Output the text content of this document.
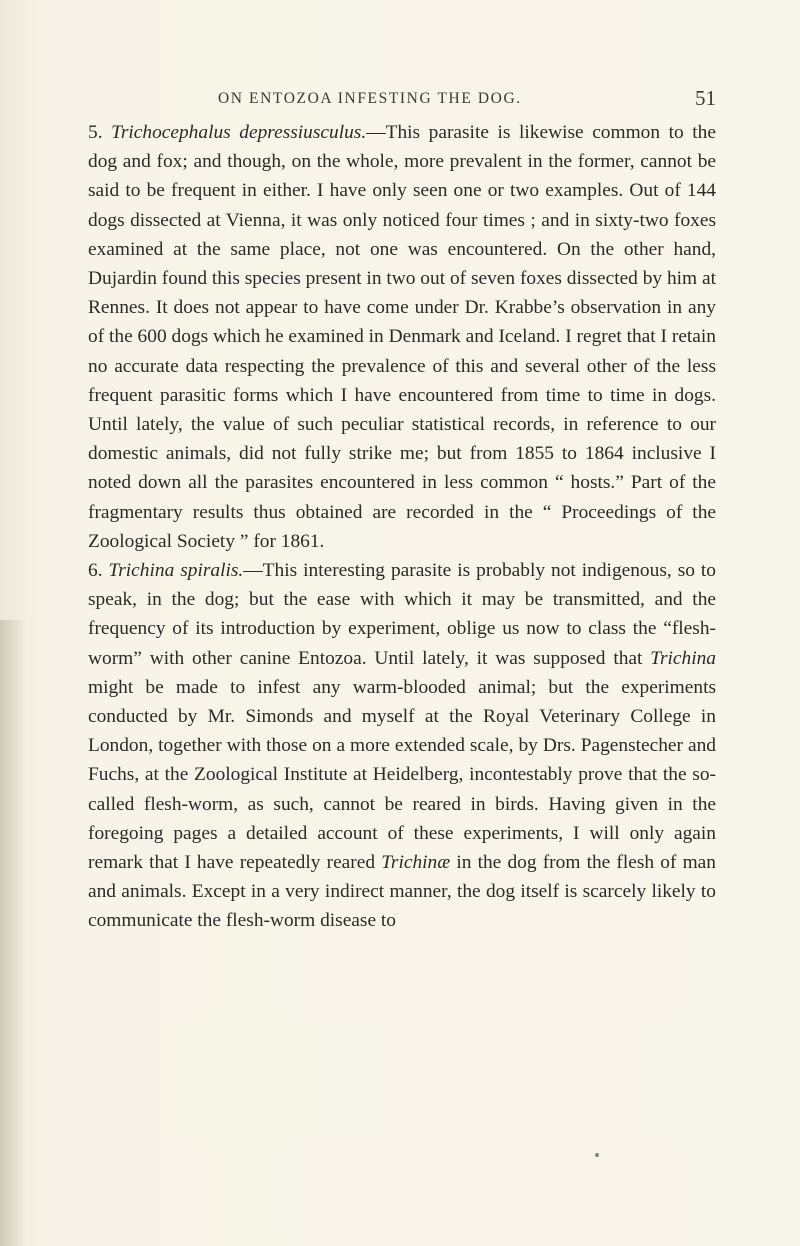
ON ENTOZOA INFESTING THE DOG.	51

5. Trichocephalus depressiusculus.—This parasite is likewise common to the dog and fox; and though, on the whole, more prevalent in the former, cannot be said to be frequent in either. I have only seen one or two examples. Out of 144 dogs dissected at Vienna, it was only noticed four times ; and in sixty-two foxes examined at the same place, not one was encountered. On the other hand, Dujardin found this species present in two out of seven foxes dissected by him at Rennes. It does not appear to have come under Dr. Krabbe’s observation in any of the 600 dogs which he examined in Denmark and Iceland. I regret that I retain no accurate data respecting the prevalence of this and several other of the less frequent parasitic forms which I have encountered from time to time in dogs. Until lately, the value of such peculiar statistical records, in reference to our domestic animals, did not fully strike me; but from 1855 to 1864 inclusive I noted down all the parasites encountered in less common “ hosts.” Part of the fragmentary results thus obtained are recorded in the “ Proceedings of the Zoological Society ” for 1861.

6. Trichina spiralis.—This interesting parasite is probably not indigenous, so to speak, in the dog; but the ease with which it may be transmitted, and the frequency of its introduction by experiment, oblige us now to class the “flesh-worm” with other canine Entozoa. Until lately, it was supposed that Trichina might be made to infest any warm-blooded animal; but the experiments conducted by Mr. Simonds and myself at the Royal Veterinary College in London, together with those on a more extended scale, by Drs. Pagenstecher and Fuchs, at the Zoological Institute at Heidelberg, incontestably prove that the so-called flesh-worm, as such, cannot be reared in birds. Having given in the foregoing pages a detailed account of these experiments, I will only again remark that I have repeatedly reared Trichinæ in the dog from the flesh of man and animals. Except in a very indirect manner, the dog itself is scarcely likely to communicate the flesh-worm disease to
